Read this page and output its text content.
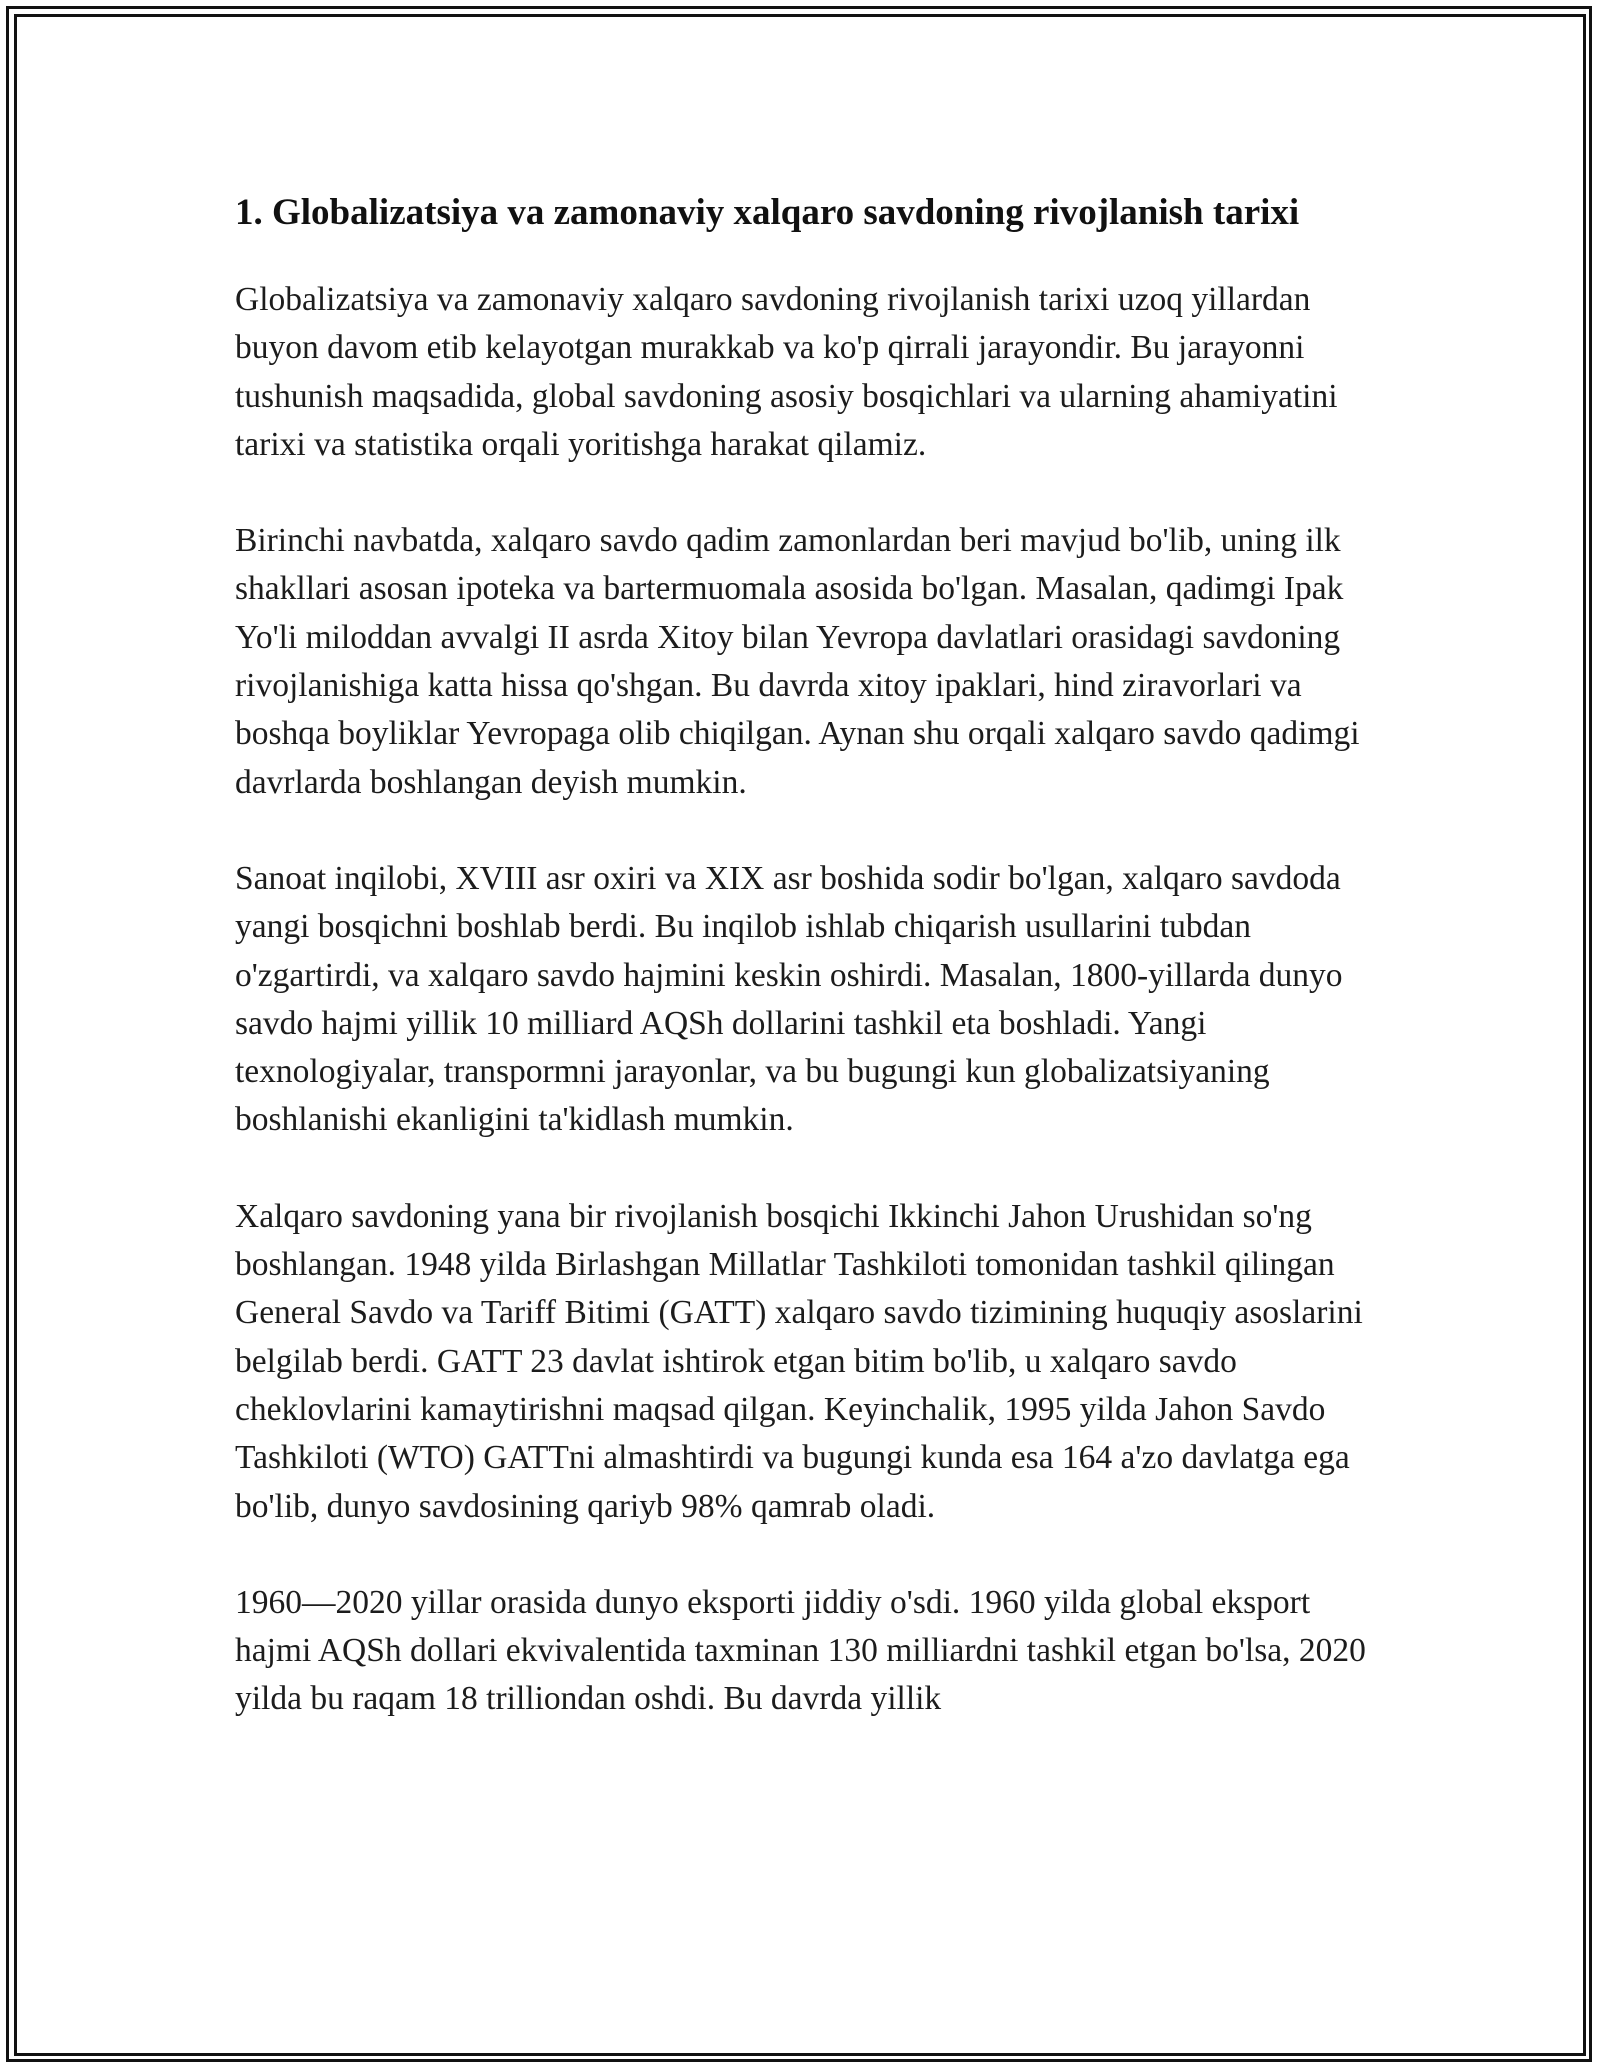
1. Globalizatsiya va zamonaviy xalqaro savdoning rivojlanish tarixi

Globalizatsiya va zamonaviy xalqaro savdoning rivojlanish tarixi uzoq yillardan buyon davom etib kelayotgan murakkab va ko'p qirrali jarayondir. Bu jarayonni tushunish maqsadida, global savdoning asosiy bosqichlari va ularning ahamiyatini tarixi va statistika orqali yoritishga harakat qilamiz.

Birinchi navbatda, xalqaro savdo qadim zamonlardan beri mavjud bo'lib, uning ilk shakllari asosan ipoteka va bartermuomala asosida bo'lgan. Masalan, qadimgi Ipak Yo'li miloddan avvalgi II asrda Xitoy bilan Yevropa davlatlari orasidagi savdoning rivojlanishiga katta hissa qo'shgan. Bu davrda xitoy ipaklari, hind ziravorlari va boshqa boyliklar Yevropaga olib chiqilgan. Aynan shu orqali xalqaro savdo qadimgi davrlarda boshlangan deyish mumkin.

Sanoat inqilobi, XVIII asr oxiri va XIX asr boshida sodir bo'lgan, xalqaro savdoda yangi bosqichni boshlab berdi. Bu inqilob ishlab chiqarish usullarini tubdan o'zgartirdi, va xalqaro savdo hajmini keskin oshirdi. Masalan, 1800-yillarda dunyo savdo hajmi yillik 10 milliard AQSh dollarini tashkil eta boshladi. Yangi texnologiyalar, transpormni jarayonlar, va bu bugungi kun globalizatsiyaning boshlanishi ekanligini ta'kidlash mumkin.

Xalqaro savdoning yana bir rivojlanish bosqichi Ikkinchi Jahon Urushidan so'ng boshlangan. 1948 yilda Birlashgan Millatlar Tashkiloti tomonidan tashkil qilingan General Savdo va Tariff Bitimi (GATT) xalqaro savdo tizimining huquqiy asoslarini belgilab berdi. GATT 23 davlat ishtirok etgan bitim bo'lib, u xalqaro savdo cheklovlarini kamaytirishni maqsad qilgan. Keyinchalik, 1995 yilda Jahon Savdo Tashkiloti (WTO) GATTni almashtirdi va bugungi kunda esa 164 a'zo davlatga ega bo'lib, dunyo savdosining qariyb 98% qamrab oladi.

1960—2020 yillar orasida dunyo eksporti jiddiy o'sdi. 1960 yilda global eksport hajmi AQSh dollari ekvivalentida taxminan 130 milliardni tashkil etgan bo'lsa, 2020 yilda bu raqam 18 trilliondan oshdi. Bu davrda yillik
